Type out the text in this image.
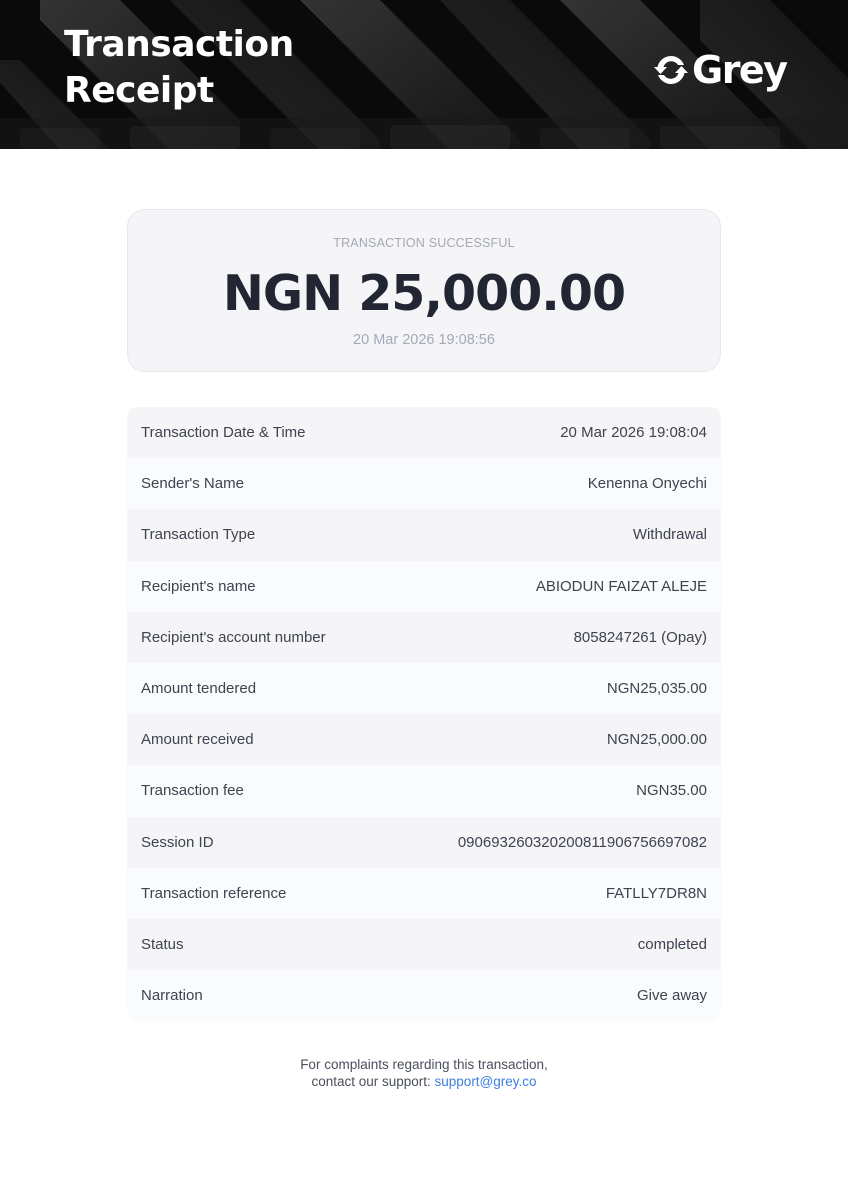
Transaction
Receipt	Grey
TRANSACTION SUCCESSFUL
NGN 25,000.00
20 Mar 2026 19:08:56
Transaction Date & Time	20 Mar 2026 19:08:04
Sender's Name	Kenenna Onyechi
Transaction Type	Withdrawal
Recipient's name	ABIODUN FAIZAT ALEJE
Recipient's account number	8058247261 (Opay)
Amount tendered	NGN25,035.00
Amount received	NGN25,000.00
Transaction fee	NGN35.00
Session ID	090693260320200811906756697082
Transaction reference	FATLLY7DR8N
Status	completed
Narration	Give away
For complaints regarding this transaction,
contact our support: support@grey.co
